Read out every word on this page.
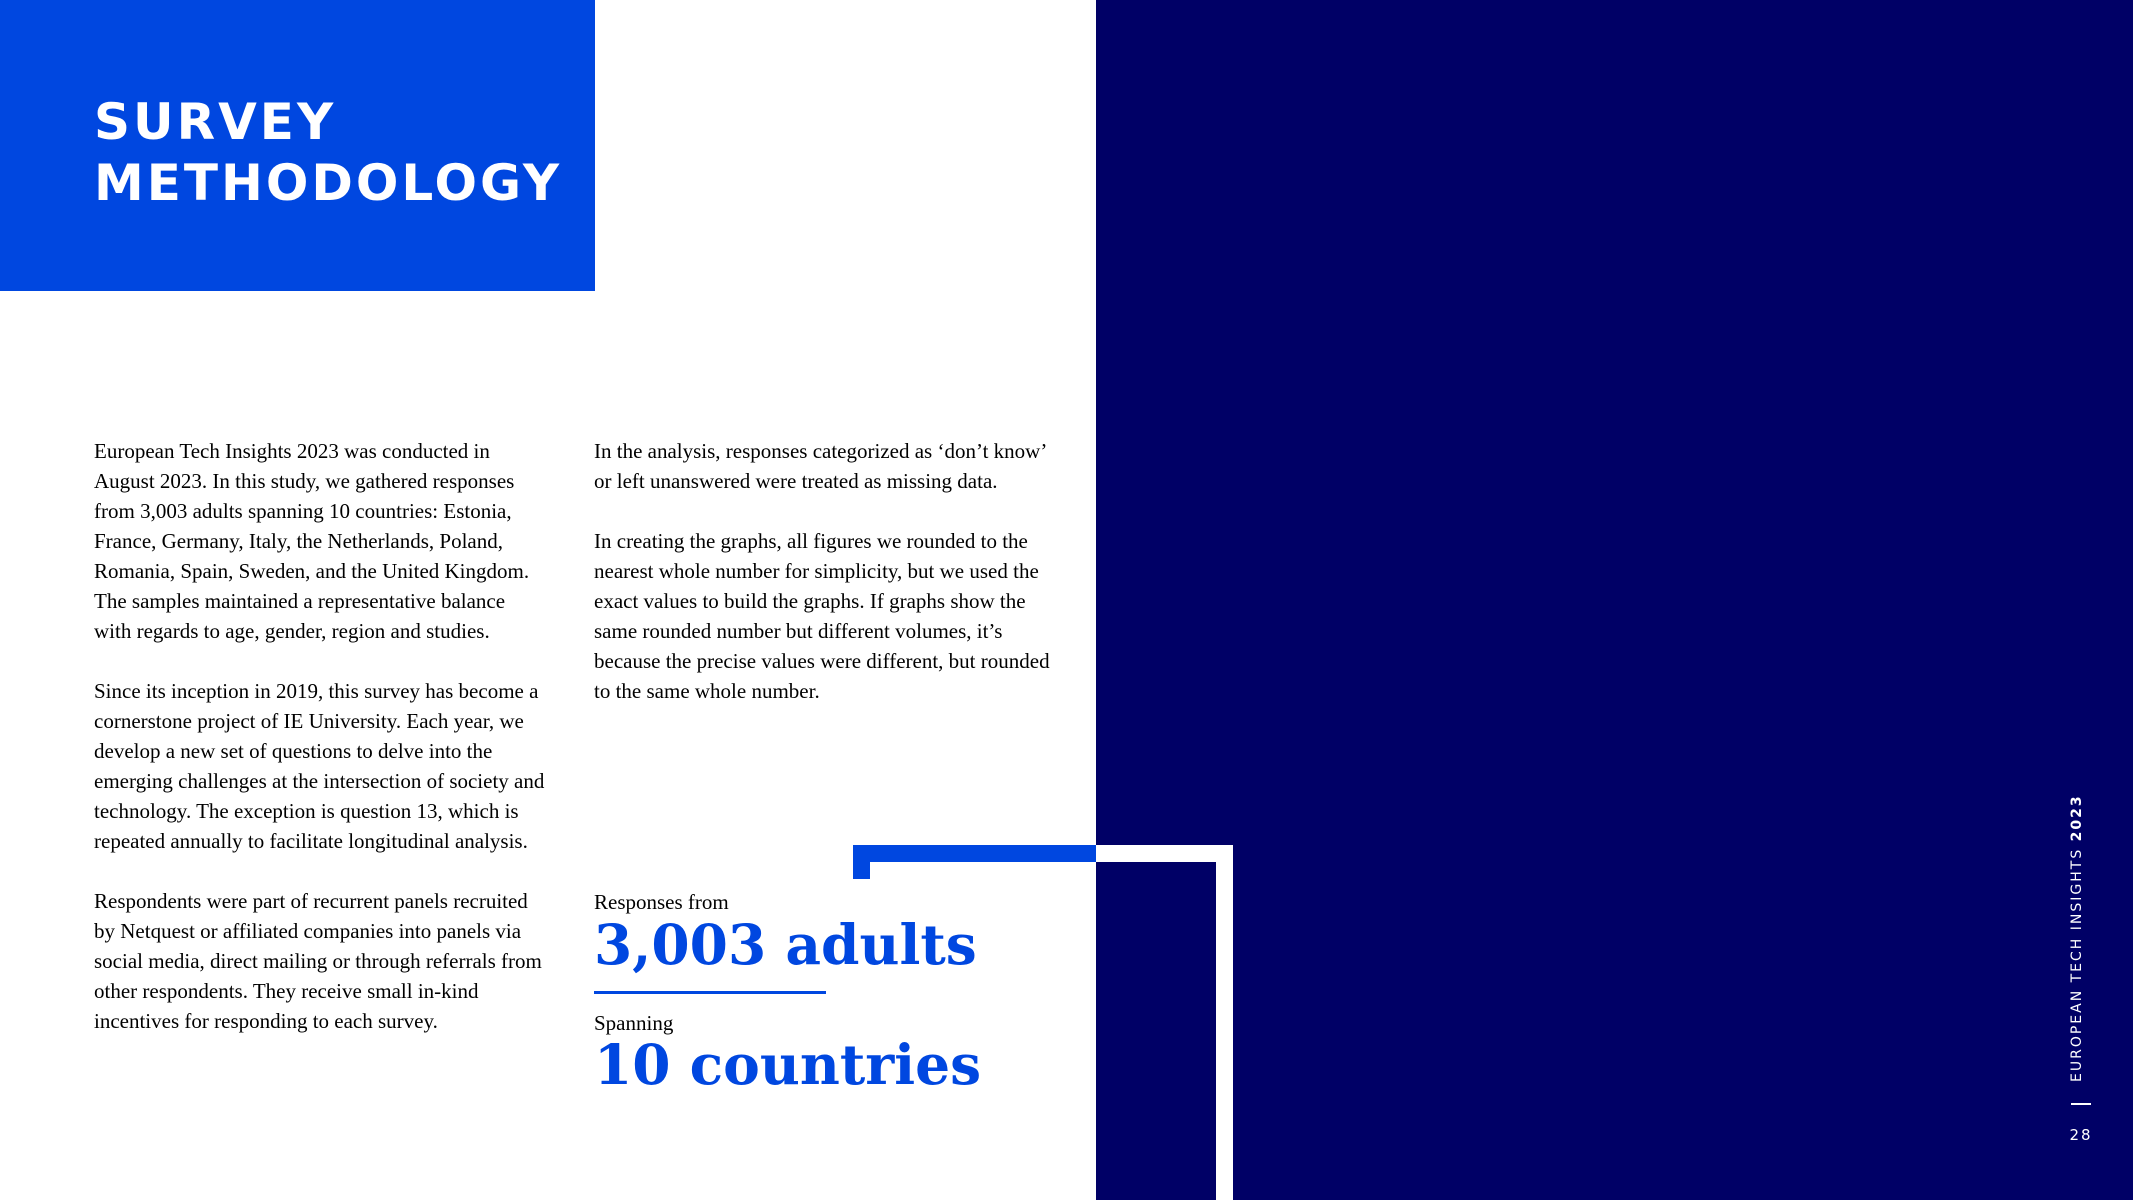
SURVEY
METHODOLOGY

European Tech Insights 2023 was conducted in August 2023. In this study, we gathered responses from 3,003 adults spanning 10 countries: Estonia, France, Germany, Italy, the Netherlands, Poland, Romania, Spain, Sweden, and the United Kingdom. The samples maintained a representative balance with regards to age, gender, region and studies.

Since its inception in 2019, this survey has become a cornerstone project of IE University. Each year, we develop a new set of questions to delve into the emerging challenges at the intersection of society and technology. The exception is question 13, which is repeated annually to facilitate longitudinal analysis.

Respondents were part of recurrent panels recruited by Netquest or affiliated companies into panels via social media, direct mailing or through referrals from other respondents. They receive small in-kind incentives for responding to each survey.

In the analysis, responses categorized as ‘don’t know’ or left unanswered were treated as missing data.

In creating the graphs, all figures we rounded to the nearest whole number for simplicity, but we used the exact values to build the graphs. If graphs show the same rounded number but different volumes, it’s because the precise values were different, but rounded to the same whole number.

Responses from
3,003 adults
Spanning
10 countries	EUROPEAN TECH INSIGHTS 2023
28
